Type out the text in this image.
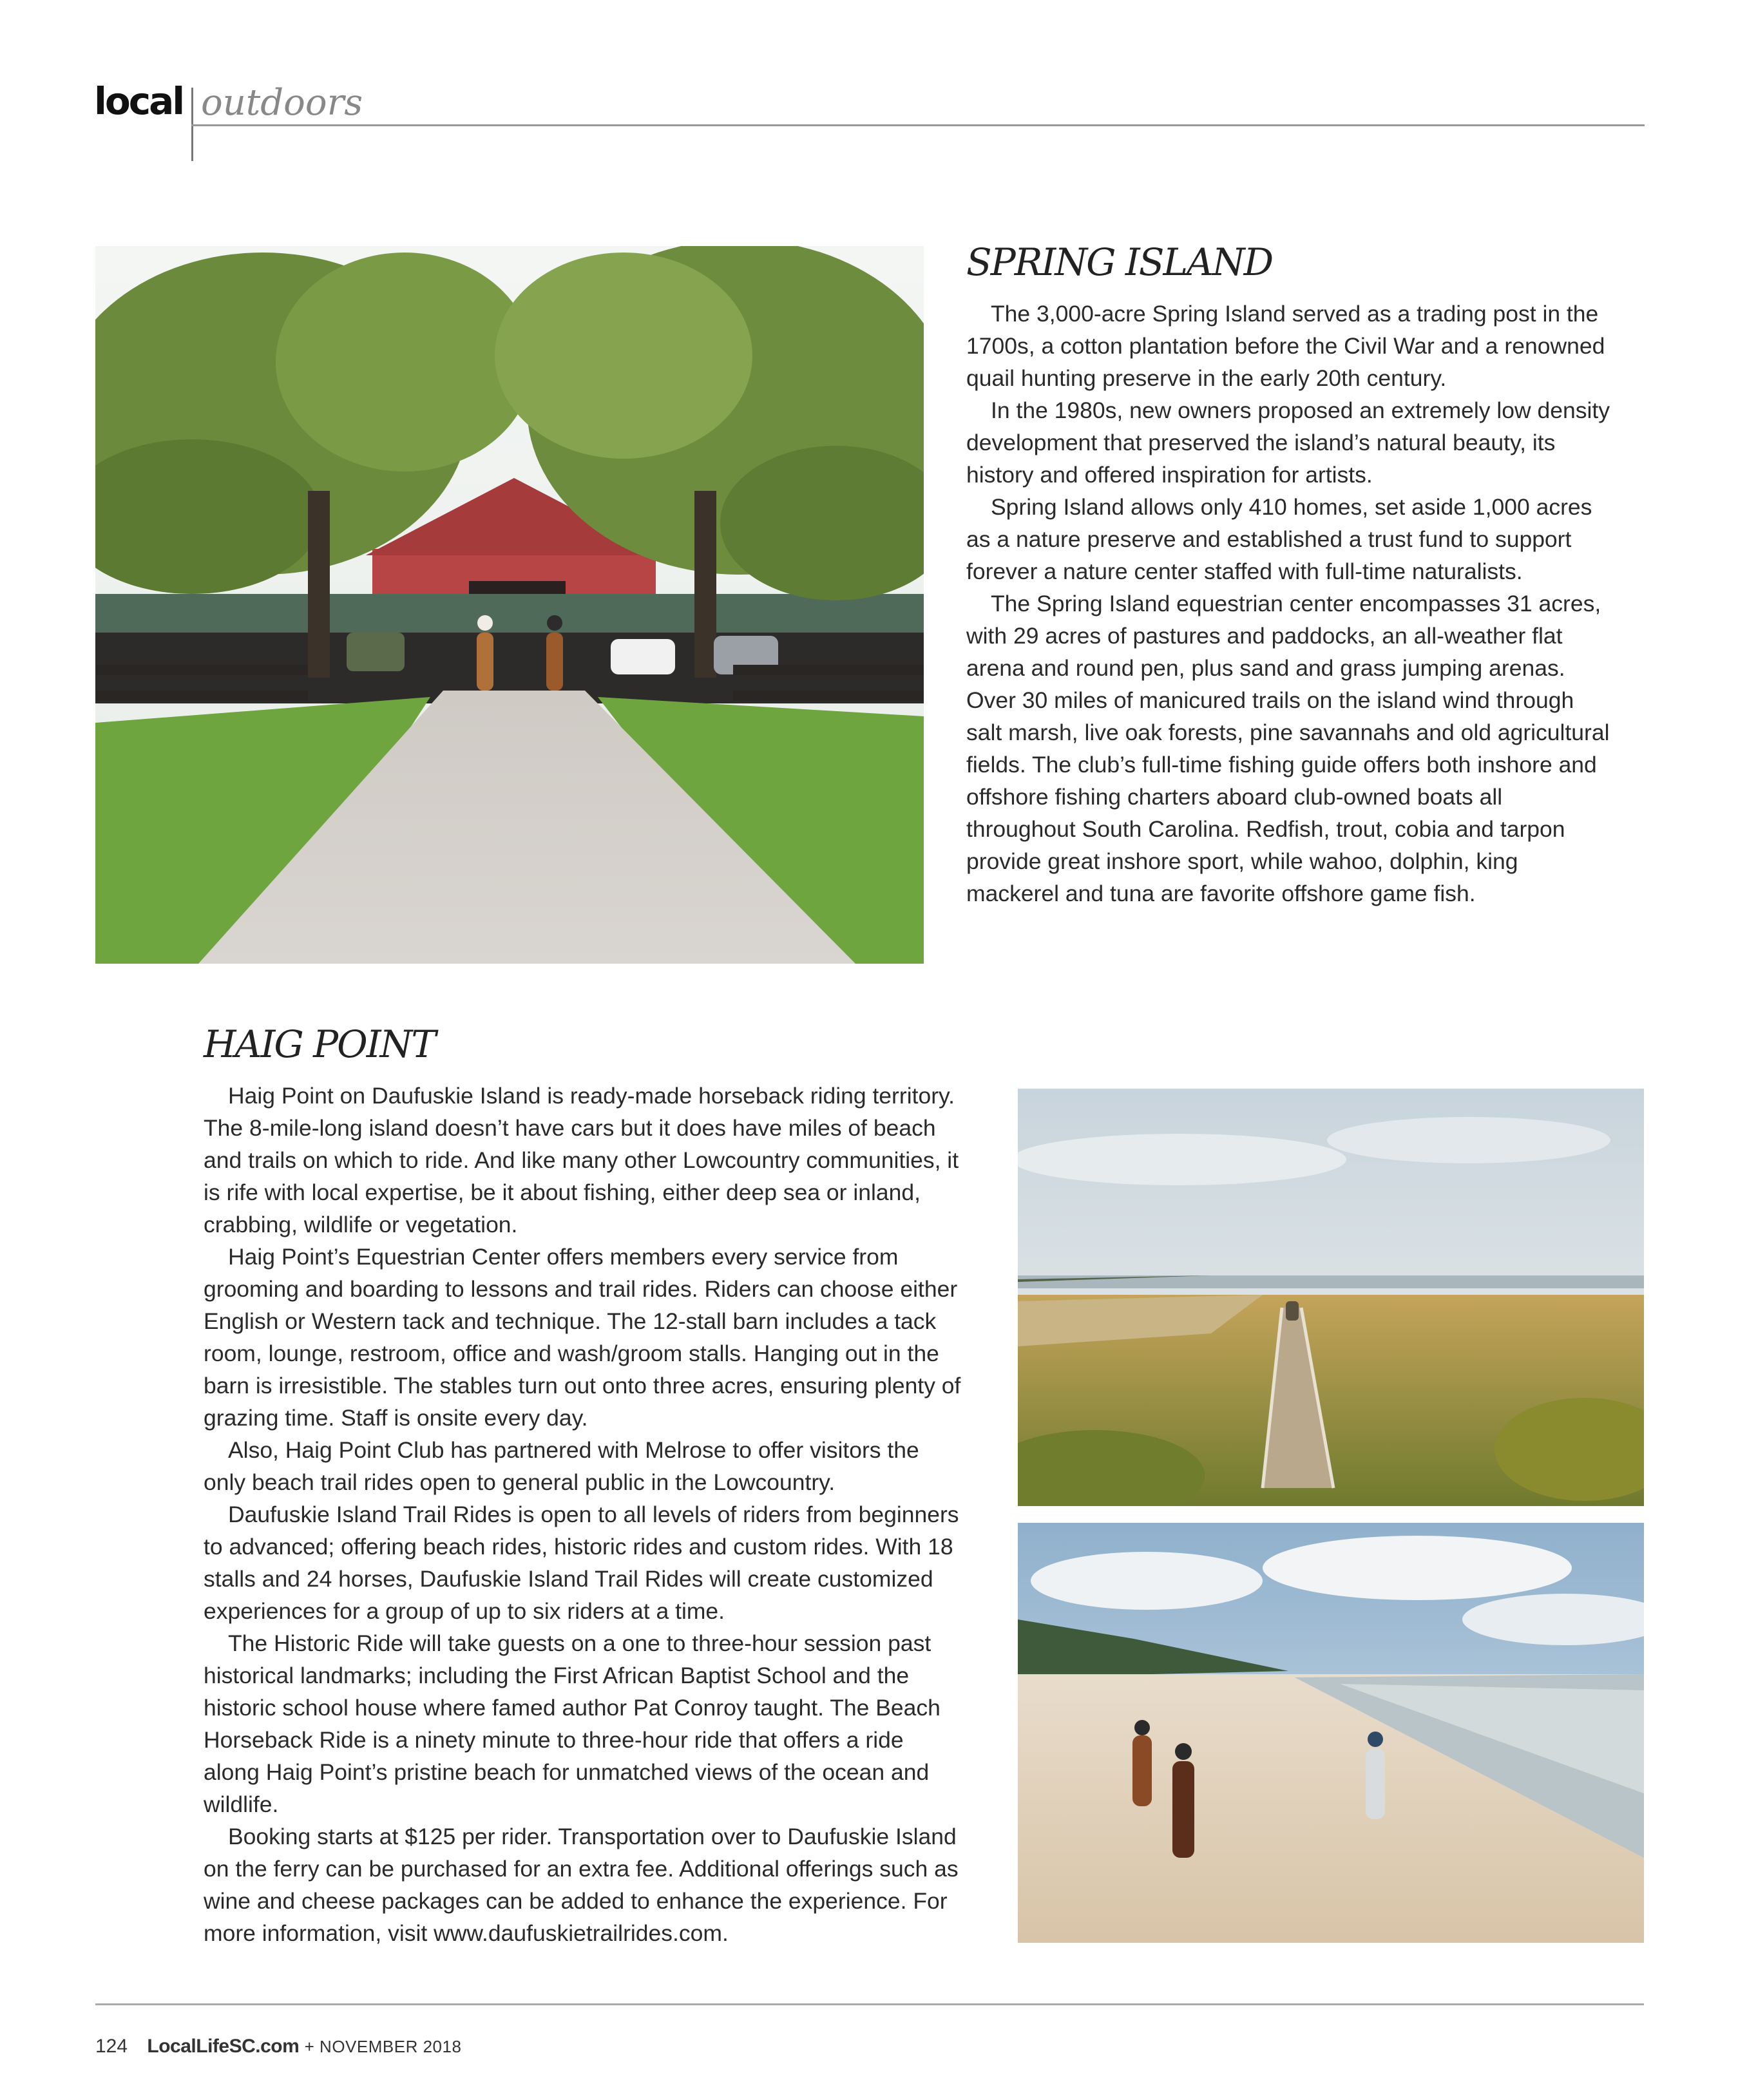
local outdoors
SPRING ISLAND

The 3,000-acre Spring Island served as a trading post in the 1700s, a cotton plantation before the Civil War and a renowned quail hunting preserve in the early 20th century.

In the 1980s, new owners proposed an extremely low density development that preserved the island’s natural beauty, its history and offered inspiration for artists.

Spring Island allows only 410 homes, set aside 1,000 acres as a nature preserve and established a trust fund to support forever a nature center staffed with full-time naturalists.

The Spring Island equestrian center encompasses 31 acres, with 29 acres of pastures and paddocks, an all-weather flat arena and round pen, plus sand and grass jumping arenas. Over 30 miles of manicured trails on the island wind through salt marsh, live oak forests, pine savannahs and old agricultural fields. The club’s full-time fishing guide offers both inshore and offshore fishing charters aboard club-owned boats all throughout South Carolina. Redfish, trout, cobia and tarpon provide great inshore sport, while wahoo, dolphin, king mackerel and tuna are favorite offshore game fish.

HAIG POINT

Haig Point on Daufuskie Island is ready-made horseback riding territory. The 8-mile-long island doesn’t have cars but it does have miles of beach and trails on which to ride. And like many other Lowcountry communities, it is rife with local expertise, be it about fishing, either deep sea or inland, crabbing, wildlife or vegetation.

Haig Point’s Equestrian Center offers members every service from grooming and boarding to lessons and trail rides. Riders can choose either English or Western tack and technique. The 12-stall barn includes a tack room, lounge, restroom, office and wash/groom stalls. Hanging out in the barn is irresistible. The stables turn out onto three acres, ensuring plenty of grazing time. Staff is onsite every day.

Also, Haig Point Club has partnered with Melrose to offer visitors the only beach trail rides open to general public in the Lowcountry.

Daufuskie Island Trail Rides is open to all levels of riders from beginners to advanced; offering beach rides, historic rides and custom rides. With 18 stalls and 24 horses, Daufuskie Island Trail Rides will create customized experiences for a group of up to six riders at a time.

The Historic Ride will take guests on a one to three-hour session past historical landmarks; including the First African Baptist School and the historic school house where famed author Pat Conroy taught. The Beach Horseback Ride is a ninety minute to three-hour ride that offers a ride along Haig Point’s pristine beach for unmatched views of the ocean and wildlife.

Booking starts at $125 per rider. Transportation over to Daufuskie Island on the ferry can be purchased for an extra fee. Additional offerings such as wine and cheese packages can be added to enhance the experience. For more information, visit www.daufuskietrailrides.com.

124 LocalLifeSC.com + NOVEMBER 2018
